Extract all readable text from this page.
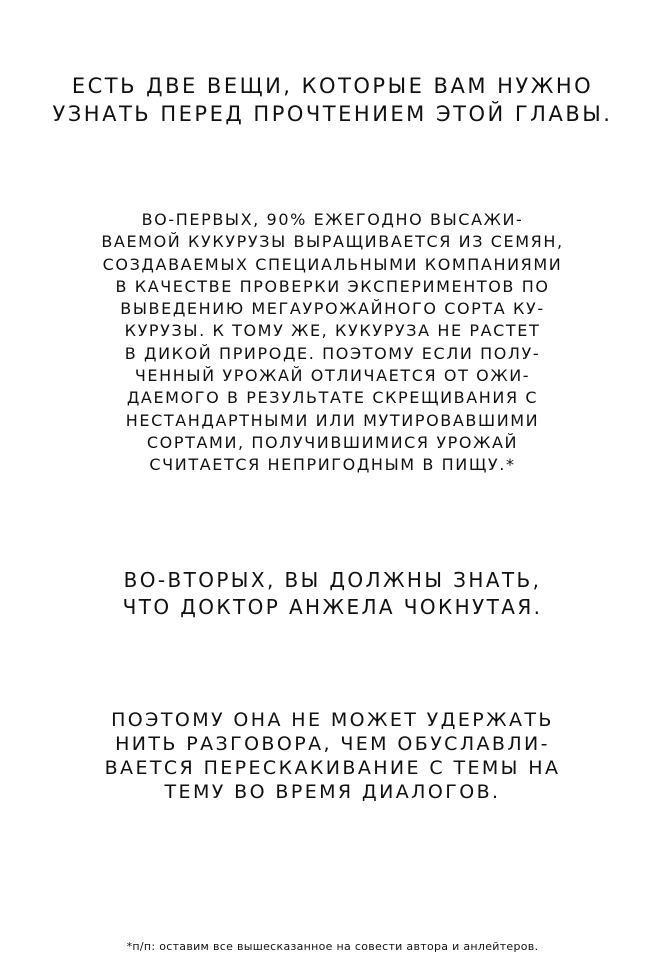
ЕСТЬ ДВЕ ВЕЩИ, КОТОРЫЕ ВАМ НУЖНО
УЗНАТЬ ПЕРЕД ПРОЧТЕНИЕМ ЭТОЙ ГЛАВЫ.
ВО-ПЕРВЫХ, 90% ЕЖЕГОДНО ВЫСАЖИ-
ВАЕМОЙ КУКУРУЗЫ ВЫРАЩИВАЕТСЯ ИЗ СЕМЯН,
СОЗДАВАЕМЫХ СПЕЦИАЛЬНЫМИ КОМПАНИЯМИ
В КАЧЕСТВЕ ПРОВЕРКИ ЭКСПЕРИМЕНТОВ ПО
ВЫВЕДЕНИЮ МЕГАУРОЖАЙНОГО СОРТА КУ-
КУРУЗЫ. К ТОМУ ЖЕ, КУКУРУЗА НЕ РАСТЕТ
В ДИКОЙ ПРИРОДЕ. ПОЭТОМУ ЕСЛИ ПОЛУ-
ЧЕННЫЙ УРОЖАЙ ОТЛИЧАЕТСЯ ОТ ОЖИ-
ДАЕМОГО В РЕЗУЛЬТАТЕ СКРЕЩИВАНИЯ С
НЕСТАНДАРТНЫМИ ИЛИ МУТИРОВАВШИМИ
СОРТАМИ, ПОЛУЧИВШИМИСЯ УРОЖАЙ
СЧИТАЕТСЯ НЕПРИГОДНЫМ В ПИЩУ.*
ВО-ВТОРЫХ, ВЫ ДОЛЖНЫ ЗНАТЬ,
ЧТО ДОКТОР АНЖЕЛА ЧОКНУТАЯ.
ПОЭТОМУ ОНА НЕ МОЖЕТ УДЕРЖАТЬ
НИТЬ РАЗГОВОРА, ЧЕМ ОБУСЛАВЛИ-
ВАЕТСЯ ПЕРЕСКАКИВАНИЕ С ТЕМЫ НА
ТЕМУ ВО ВРЕМЯ ДИАЛОГОВ.
*п/п: оставим все вышесказанное на совести автора и анлейтеров.
